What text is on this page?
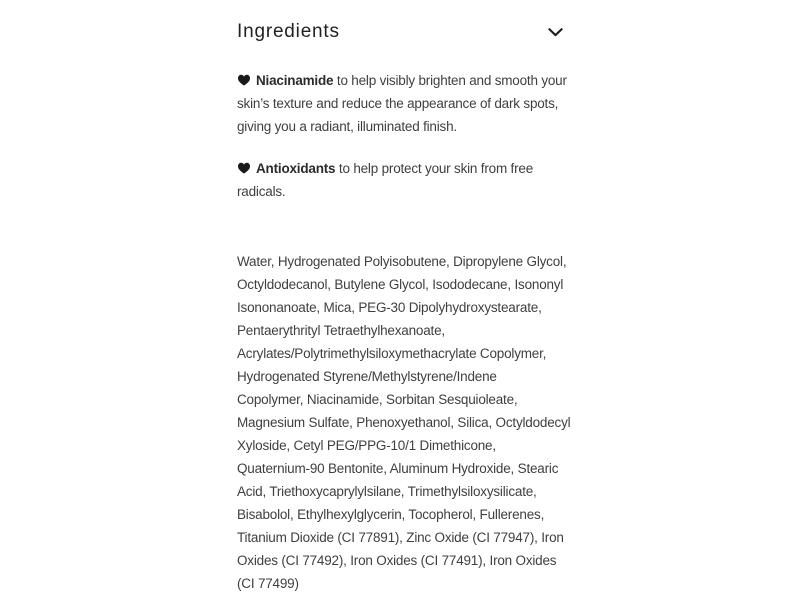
Ingredients

Niacinamide to help visibly brighten and smooth your skin’s texture and reduce the appearance of dark spots, giving you a radiant, illuminated finish.

Antioxidants to help protect your skin from free radicals.

Water, Hydrogenated Polyisobutene, Dipropylene Glycol,
Octyldodecanol, Butylene Glycol, Isododecane, Isononyl
Isononanoate, Mica, PEG-30 Dipolyhydroxystearate,
Pentaerythrityl Tetraethylhexanoate,
Acrylates/Polytrimethylsiloxymethacrylate Copolymer,
Hydrogenated Styrene/Methylstyrene/Indene
Copolymer, Niacinamide, Sorbitan Sesquioleate,
Magnesium Sulfate, Phenoxyethanol, Silica, Octyldodecyl
Xyloside, Cetyl PEG/PPG-10/1 Dimethicone,
Quaternium-90 Bentonite, Aluminum Hydroxide, Stearic
Acid, Triethoxycaprylylsilane, Trimethylsiloxysilicate,
Bisabolol, Ethylhexylglycerin, Tocopherol, Fullerenes,
Titanium Dioxide (CI 77891), Zinc Oxide (CI 77947), Iron
Oxides (CI 77492), Iron Oxides (CI 77491), Iron Oxides
(CI 77499)
